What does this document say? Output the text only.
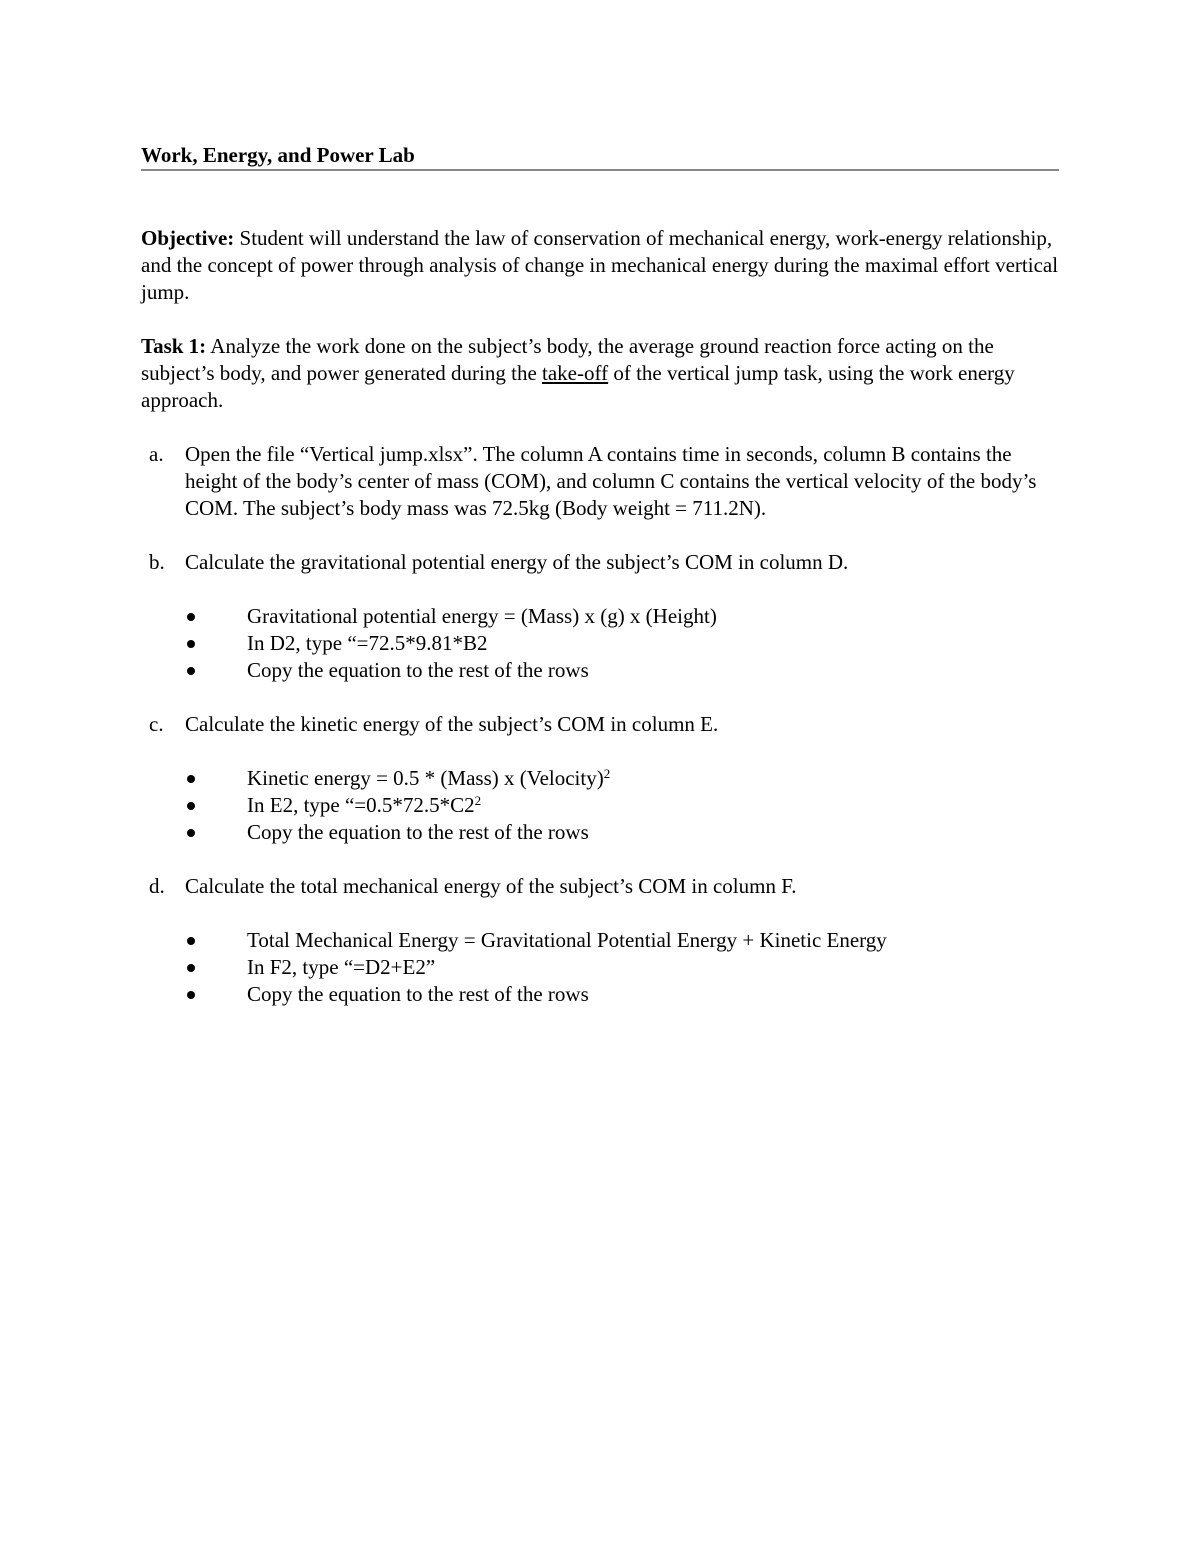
Work, Energy, and Power Lab

Objective: Student will understand the law of conservation of mechanical energy, work-energy relationship, and the concept of power through analysis of change in mechanical energy during the maximal effort vertical jump.

Task 1: Analyze the work done on the subject’s body, the average ground reaction force acting on the subject’s body, and power generated during the take-off of the vertical jump task, using the work energy approach.

a. Open the file “Vertical jump.xlsx”. The column A contains time in seconds, column B contains the height of the body’s center of mass (COM), and column C contains the vertical velocity of the body’s COM. The subject’s body mass was 72.5kg (Body weight = 711.2N).
b. Calculate the gravitational potential energy of the subject’s COM in column D.
Gravitational potential energy = (Mass) x (g) x (Height)
In D2, type “=72.5*9.81*B2
Copy the equation to the rest of the rows
c. Calculate the kinetic energy of the subject’s COM in column E.
Kinetic energy = 0.5 * (Mass) x (Velocity)$^2$
In E2, type “$=0.5*72.5*C2^2$
Copy the equation to the rest of the rows
d. Calculate the total mechanical energy of the subject’s COM in column F.
Total Mechanical Energy = Gravitational Potential Energy + Kinetic Energy
In F2, type “=D2+E2”
Copy the equation to the rest of the rows
